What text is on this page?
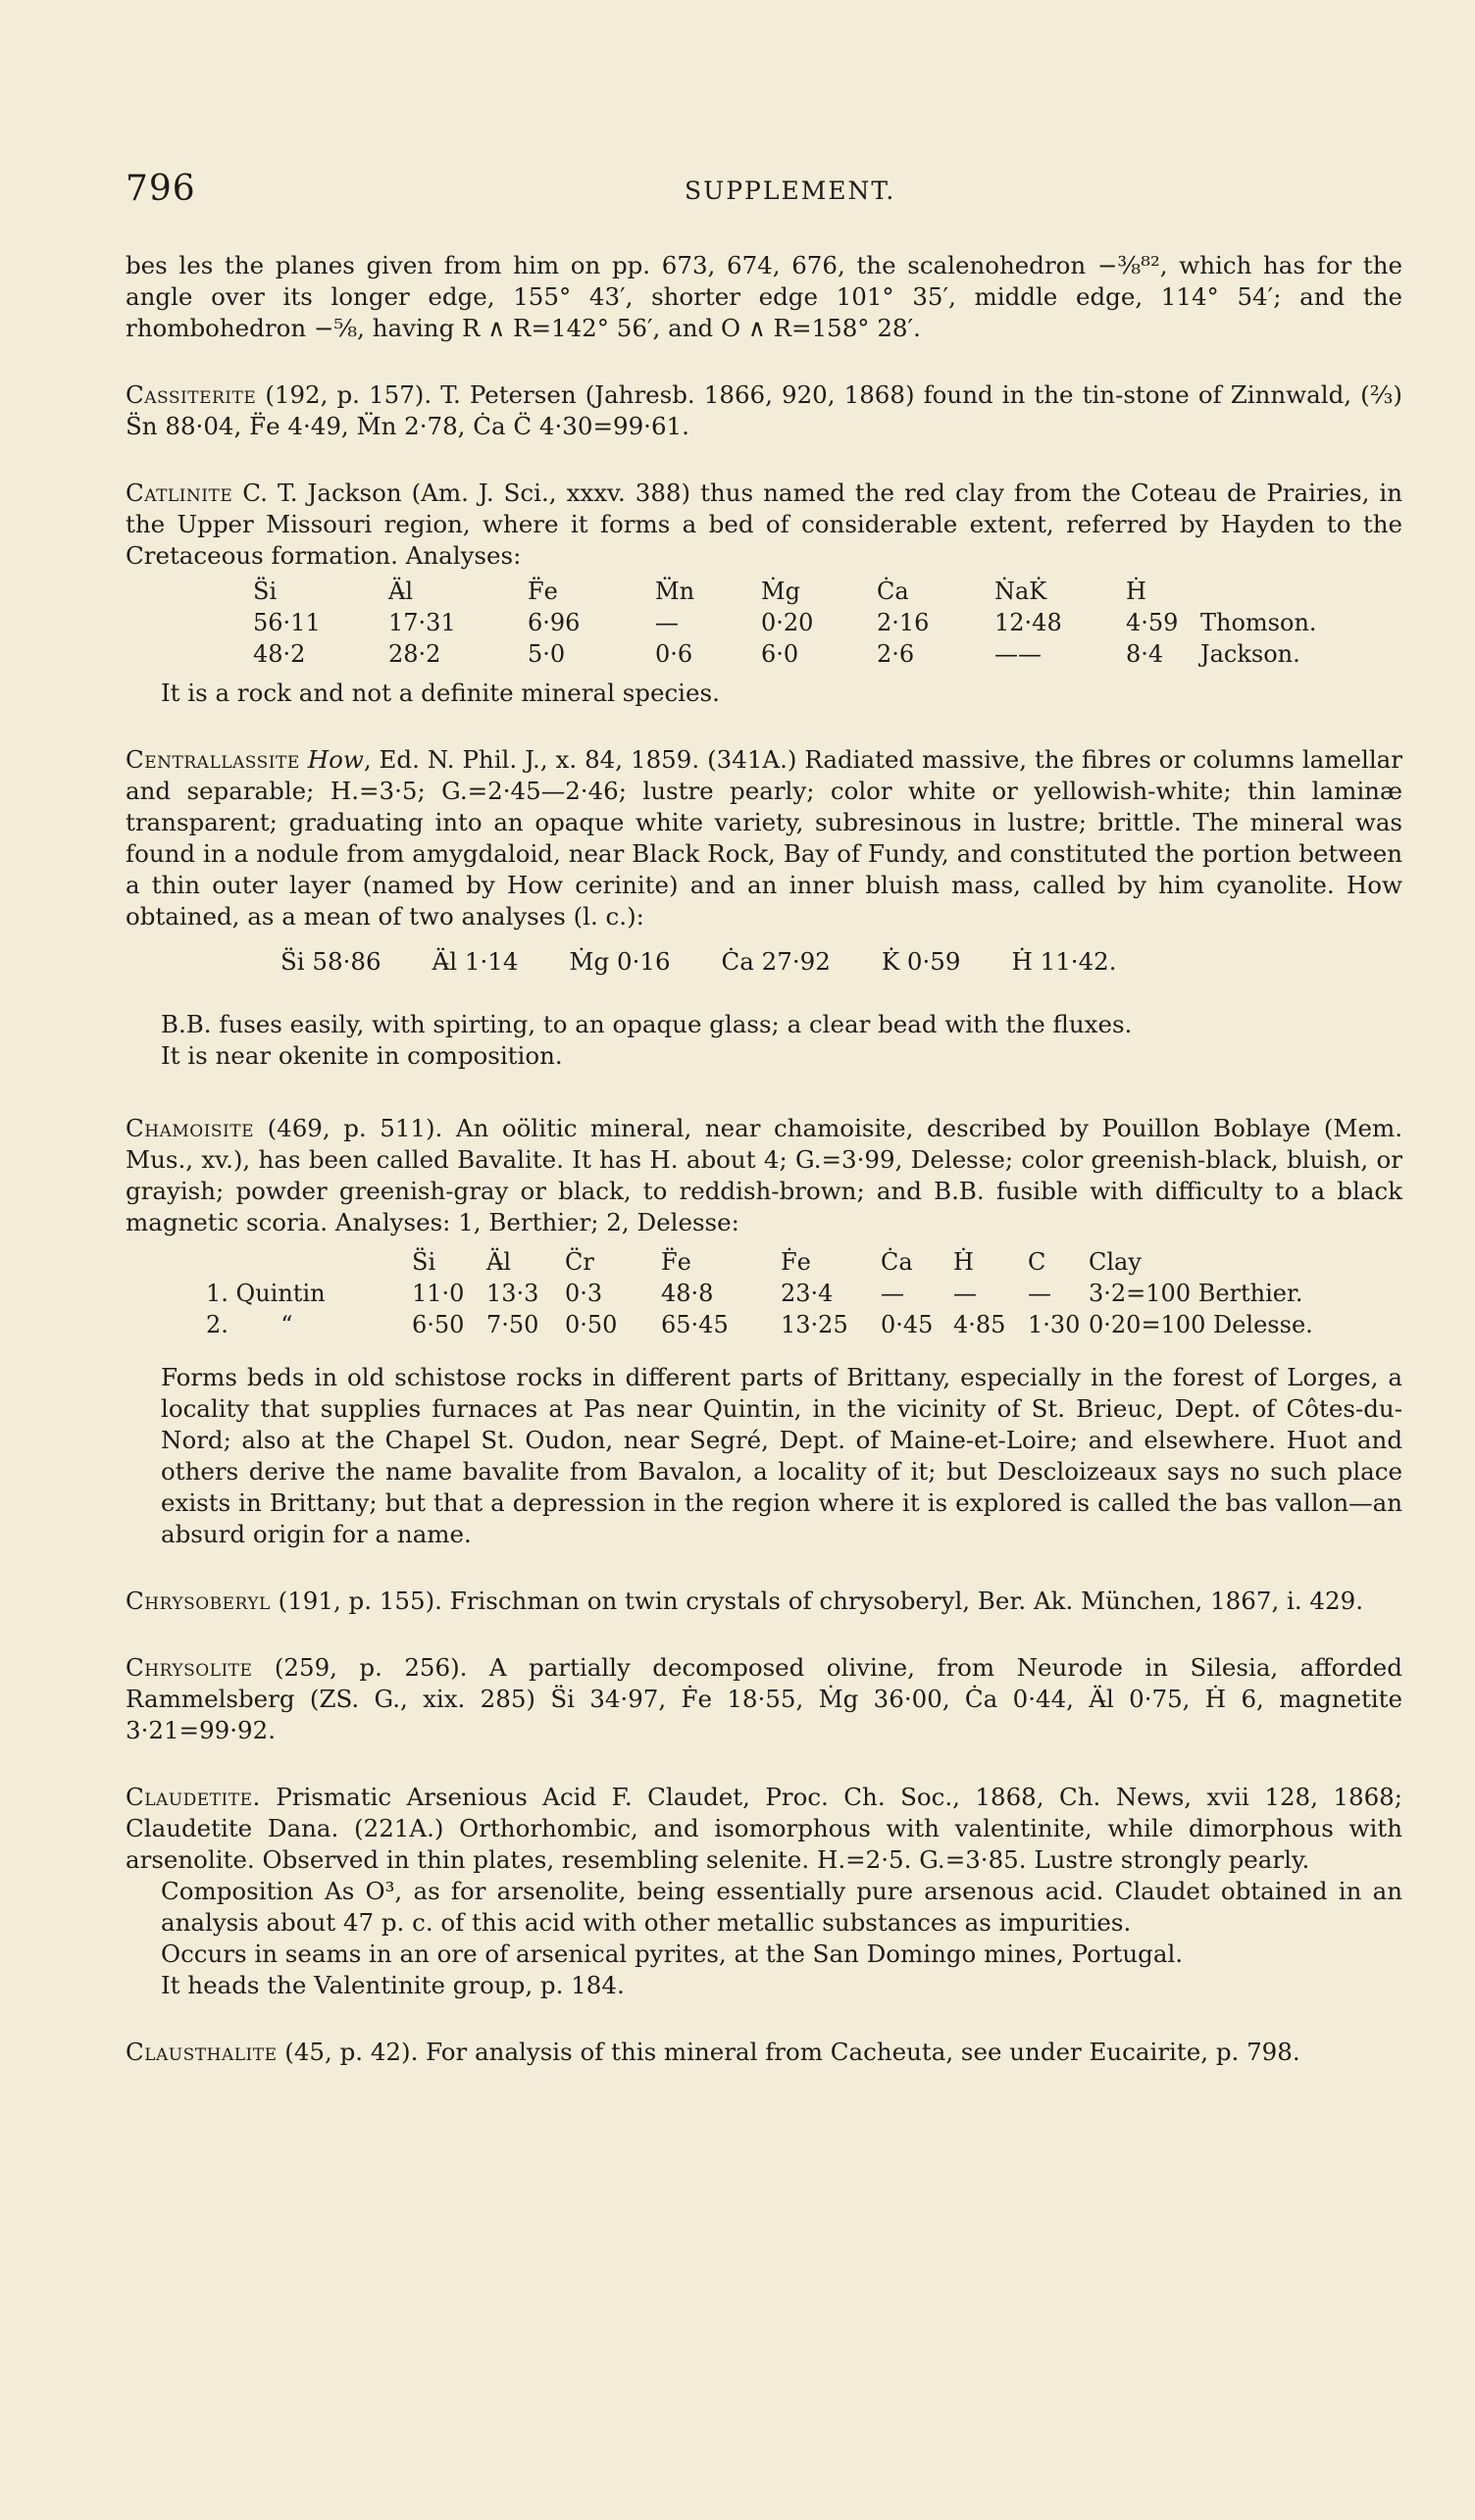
796	SUPPLEMENT.

bes les the planes given from him on pp. 673, 674, 676, the scalenohedron −⅜⁸², which has for the angle over its longer edge, 155° 43′, shorter edge 101° 35′, middle edge, 114° 54′; and the rhombohedron −⅝, having R ∧ R=142° 56′, and O ∧ R=158° 28′.

Cassiterite (192, p. 157). T. Petersen (Jahresb. 1866, 920, 1868) found in the tin-stone of Zinnwald, (⅔) S̈n 88·04, F̈e 4·49, M̈n 2·78, Ċa C̈ 4·30=99·61.

Catlinite C. T. Jackson (Am. J. Sci., xxxv. 388) thus named the red clay from the Coteau de Prairies, in the Upper Missouri region, where it forms a bed of considerable extent, referred by Hayden to the Cretaceous formation. Analyses:

S̈i	Ä̶l	F̈e	M̈n	Ṁg	Ċa	ṄaK̇	Ḣ	
56·11	17·31	6·96	—	0·20	2·16	12·48	4·59	Thomson.
48·2	28·2	5·0	0·6	6·0	2·6	——	8·4	Jackson.

It is a rock and not a definite mineral species.

Centrallassite How, Ed. N. Phil. J., x. 84, 1859. (341A.) Radiated massive, the fibres or columns lamellar and separable; H.=3·5; G.=2·45—2·46; lustre pearly; color white or yellowish-white; thin laminæ transparent; graduating into an opaque white variety, subresinous in lustre; brittle. The mineral was found in a nodule from amygdaloid, near Black Rock, Bay of Fundy, and constituted the portion between a thin outer layer (named by How cerinite) and an inner bluish mass, called by him cyanolite. How obtained, as a mean of two analyses (l. c.):

S̈i 58·86 Ä̶l 1·14 Ṁg 0·16 Ċa 27·92 K̇ 0·59 Ḣ 11·42.

B.B. fuses easily, with spirting, to an opaque glass; a clear bead with the fluxes.

It is near okenite in composition.

Chamoisite (469, p. 511). An oölitic mineral, near chamoisite, described by Pouillon Boblaye (Mem. Mus., xv.), has been called Bavalite. It has H. about 4; G.=3·99, Delesse; color greenish-black, bluish, or grayish; powder greenish-gray or black, to reddish-brown; and B.B. fusible with difficulty to a black magnetic scoria. Analyses: 1, Berthier; 2, Delesse:

	S̈i	Ä̶l	C̈r	F̈e	Ḟe	Ċa	Ḣ	C	Clay
1. Quintin	11·0	13·3	0·3	48·8	23·4	—	—	—	3·2=100 Berthier.
2.       “	6·50	7·50	0·50	65·45	13·25	0·45	4·85	1·30	0·20=100 Delesse.

Forms beds in old schistose rocks in different parts of Brittany, especially in the forest of Lorges, a locality that supplies furnaces at Pas near Quintin, in the vicinity of St. Brieuc, Dept. of Côtes-du-Nord; also at the Chapel St. Oudon, near Segré, Dept. of Maine-et-Loire; and elsewhere. Huot and others derive the name bavalite from Bavalon, a locality of it; but Descloizeaux says no such place exists in Brittany; but that a depression in the region where it is explored is called the bas vallon—an absurd origin for a name.

Chrysoberyl (191, p. 155). Frischman on twin crystals of chrysoberyl, Ber. Ak. München, 1867, i. 429.

Chrysolite (259, p. 256). A partially decomposed olivine, from Neurode in Silesia, afforded Rammelsberg (ZS. G., xix. 285) S̈i 34·97, Ḟe 18·55, Ṁg 36·00, Ċa 0·44, Ä̶l 0·75, Ḣ 6, magnetite 3·21=99·92.

Claudetite. Prismatic Arsenious Acid F. Claudet, Proc. Ch. Soc., 1868, Ch. News, xvii 128, 1868; Claudetite Dana. (221A.) Orthorhombic, and isomorphous with valentinite, while dimorphous with arsenolite. Observed in thin plates, resembling selenite. H.=2·5. G.=3·85. Lustre strongly pearly.

Composition As O³, as for arsenolite, being essentially pure arsenous acid. Claudet obtained in an analysis about 47 p. c. of this acid with other metallic substances as impurities.

Occurs in seams in an ore of arsenical pyrites, at the San Domingo mines, Portugal.

It heads the Valentinite group, p. 184.

Clausthalite (45, p. 42). For analysis of this mineral from Cacheuta, see under Eucairite, p. 798.
